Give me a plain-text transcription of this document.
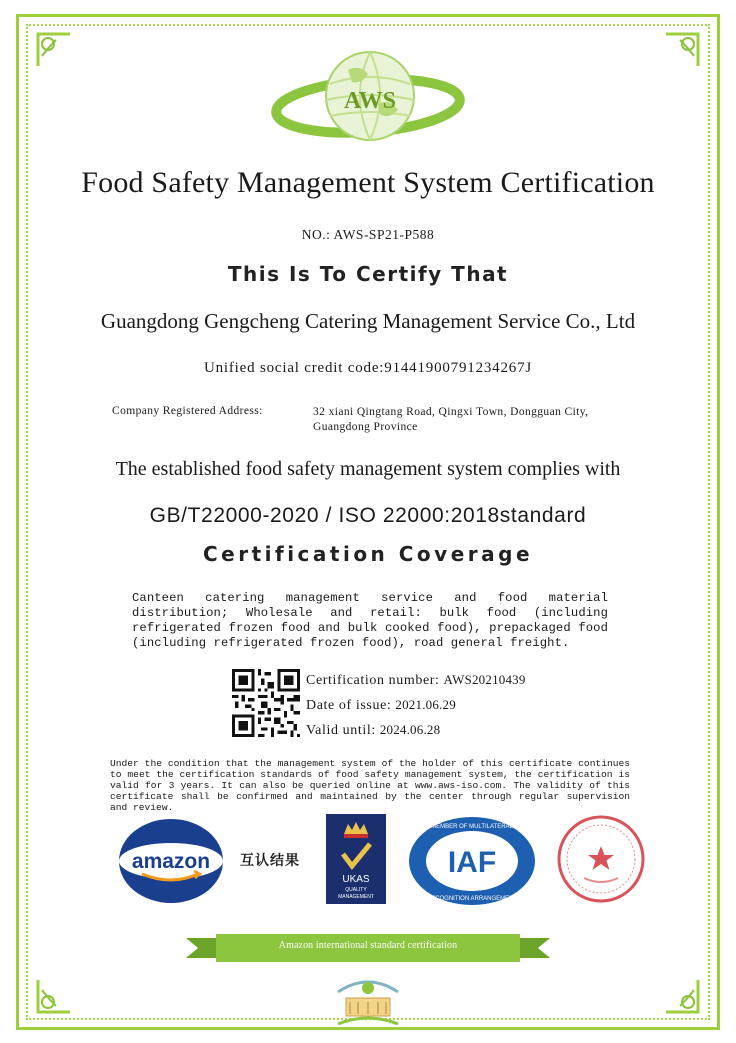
AWS
Food Safety Management System Certification
NO.: AWS-SP21-P588
This Is To Certify That
Guangdong Gengcheng Catering Management Service Co., Ltd
Unified social credit code:91441900791234267J
Company Registered Address:	32 xiani Qingtang Road, Qingxi Town, Dongguan City, Guangdong Province
The established food safety management system complies with
GB/T22000-2020 / ISO 22000:2018standard
Certification Coverage
Canteen catering management service and food material distribution; Wholesale and retail: bulk food (including refrigerated frozen food and bulk cooked food), prepackaged food (including refrigerated frozen food), road general freight.
Certification number: AWS20210439
Date of issue: 2021.06.29
Valid until: 2024.06.28
Under the condition that the management system of the holder of this certificate continues to meet the certification standards of food safety management system, the certification is valid for 3 years. It can also be queried online at www.aws-iso.com. The validity of this certificate shall be confirmed and maintained by the center through regular supervision and review.
amazon 互认结果
UKAS
QUALITY
MANAGEMENT
IAF
MEMBER OF MULTILATERAL
RECOGNITION ARRANGEMENT
Amazon international standard certification
